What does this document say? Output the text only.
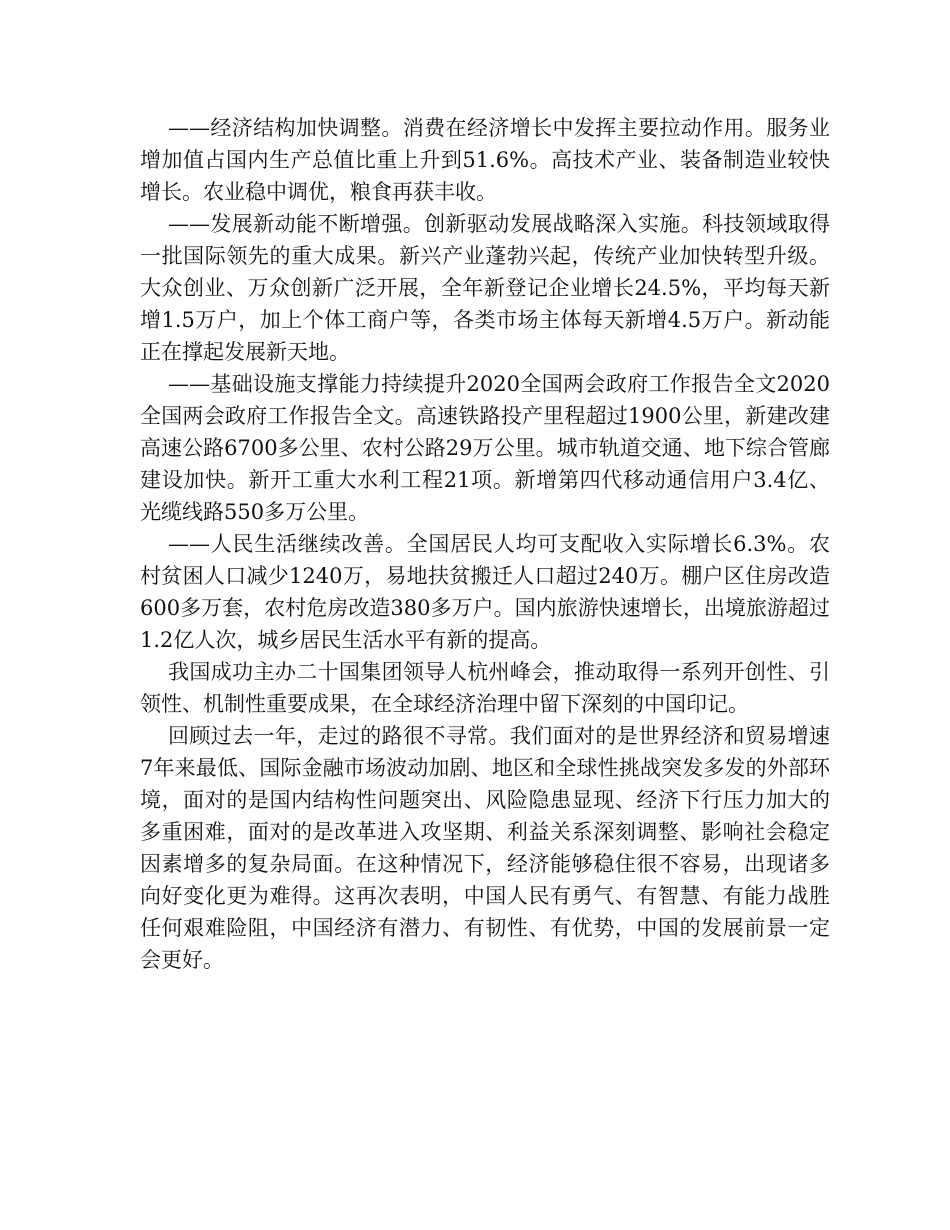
——经济结构加快调整。消费在经济增长中发挥主要拉动作用。服务业增加值占国内生产总值比重上升到51.6%。高技术产业、装备制造业较快增长。农业稳中调优，粮食再获丰收。

——发展新动能不断增强。创新驱动发展战略深入实施。科技领域取得一批国际领先的重大成果。新兴产业蓬勃兴起，传统产业加快转型升级。大众创业、万众创新广泛开展，全年新登记企业增长24.5%，平均每天新增1.5万户，加上个体工商户等，各类市场主体每天新增4.5万户。新动能正在撑起发展新天地。

——基础设施支撑能力持续提升2020全国两会政府工作报告全文2020全国两会政府工作报告全文。高速铁路投产里程超过1900公里，新建改建高速公路6700多公里、农村公路29万公里。城市轨道交通、地下综合管廊建设加快。新开工重大水利工程21项。新增第四代移动通信用户3.4亿、光缆线路550多万公里。

——人民生活继续改善。全国居民人均可支配收入实际增长6.3%。农村贫困人口减少1240万，易地扶贫搬迁人口超过240万。棚户区住房改造600多万套，农村危房改造380多万户。国内旅游快速增长，出境旅游超过1.2亿人次，城乡居民生活水平有新的提高。

我国成功主办二十国集团领导人杭州峰会，推动取得一系列开创性、引领性、机制性重要成果，在全球经济治理中留下深刻的中国印记。

回顾过去一年，走过的路很不寻常。我们面对的是世界经济和贸易增速7年来最低、国际金融市场波动加剧、地区和全球性挑战突发多发的外部环境，面对的是国内结构性问题突出、风险隐患显现、经济下行压力加大的多重困难，面对的是改革进入攻坚期、利益关系深刻调整、影响社会稳定因素增多的复杂局面。在这种情况下，经济能够稳住很不容易，出现诸多向好变化更为难得。这再次表明，中国人民有勇气、有智慧、有能力战胜任何艰难险阻，中国经济有潜力、有韧性、有优势，中国的发展前景一定会更好。
